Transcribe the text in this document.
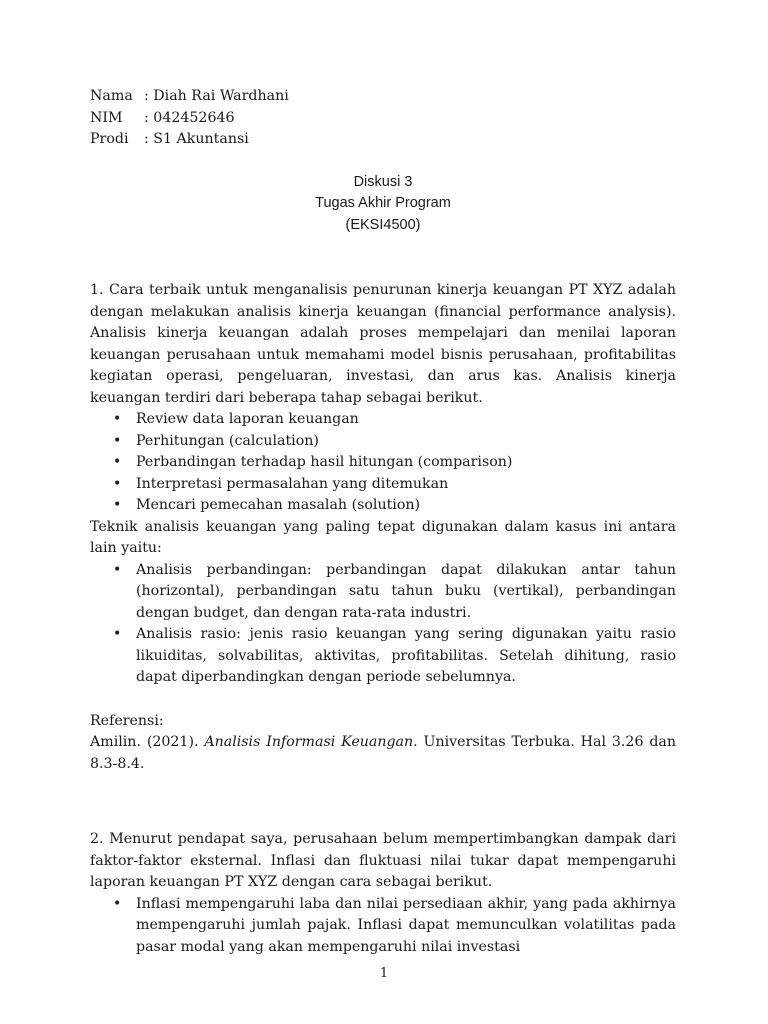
Nama : Diah Rai Wardhani
NIM	: 042452646
Prodi	: S1 Akuntansi
Diskusi 3
Tugas Akhir Program
(EKSI4500)

1. Cara terbaik untuk menganalisis penurunan kinerja keuangan PT XYZ adalah dengan melakukan analisis kinerja keuangan (financial performance analysis). Analisis kinerja keuangan adalah proses mempelajari dan menilai laporan keuangan perusahaan untuk memahami model bisnis perusahaan, profitabilitas kegiatan operasi, pengeluaran, investasi, dan arus kas. Analisis kinerja keuangan terdiri dari beberapa tahap sebagai berikut.

• Review data laporan keuangan
• Perhitungan (calculation)
• Perbandingan terhadap hasil hitungan (comparison)
• Interpretasi permasalahan yang ditemukan
• Mencari pemecahan masalah (solution)

Teknik analisis keuangan yang paling tepat digunakan dalam kasus ini antara lain yaitu:

• Analisis perbandingan: perbandingan dapat dilakukan antar tahun (horizontal), perbandingan satu tahun buku (vertikal), perbandingan dengan budget, dan dengan rata-rata industri.
• Analisis rasio: jenis rasio keuangan yang sering digunakan yaitu rasio likuiditas, solvabilitas, aktivitas, profitabilitas. Setelah dihitung, rasio dapat diperbandingkan dengan periode sebelumnya.
Referensi:

Amilin. (2021). Analisis Informasi Keuangan. Universitas Terbuka. Hal 3.26 dan 8.3-8.4.

2. Menurut pendapat saya, perusahaan belum mempertimbangkan dampak dari faktor-faktor eksternal. Inflasi dan fluktuasi nilai tukar dapat mempengaruhi laporan keuangan PT XYZ dengan cara sebagai berikut.

• Inflasi mempengaruhi laba dan nilai persediaan akhir, yang pada akhirnya mempengaruhi jumlah pajak. Inflasi dapat memunculkan volatilitas pada pasar modal yang akan mempengaruhi nilai investasi
1
